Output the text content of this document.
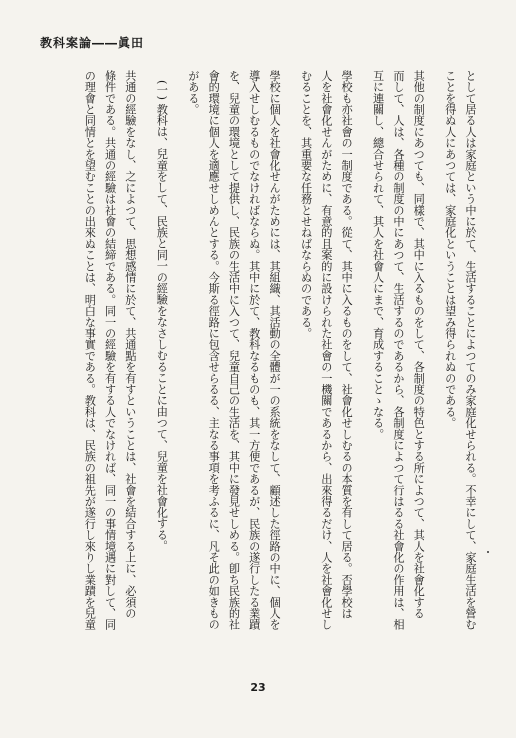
教科案論――眞田
として居る人は家庭という中に於て、生活することによつてのみ家庭化せられる。不幸にして、家庭生活を營む
ことを得ぬ人にあつては、家庭化ということは望み得られぬのである。
其他の制度にあつても、同樣で、其中に入るものをして、各制度の特色とする所によつて、其人を社會化する
而して、人は、各種の制度の中にあつて、生活するのであるから、各制度によつて行はるる社會化の作用は、相
互に連關し、總合せられて、其人を社會人にまで、育成することゝなる。
學校も亦社會の一制度である。從て、其中に入るものをして、社會化せしむるの本質を有して居る。否學校は
人を社會化せんがために、有意的且案的に設けられた社會の一機關であるから、出來得るだけ、人を社會化せし
むることを、其重要な任務とせねばならぬのである。
學校に個人を社會化せんがためには、其組織、其活動の全體が一の系統をなして、顧述した徑路の中に、個人を
導入せしむるものでなければならぬ。其中に於て、教科なるものも、其一方便であるが、民族の遂行したる業蹟
を、兒童の環境として提供し、民族の生活中に入つて、兒童自己の生活を、其中に發見せしめる。卽ち民族的社
會的環境に個人を適應せしめんとする。今斯る徑路に包含せらるる、主なる事項を考ふるに、凡そ此の如きもの
がある。
(一) 教科は、兒童をして、民族と同一の經驗をなさしむることに由つて、兒童を社會化する。
共通の經驗をなし、之によつて、思想感情に於て、共通點を有すということは、社會を結合する上に、必須の
條件である。共通の經驗は社會の結締である。同一の經驗を有する人でなければ、同一の事情境遇に對して、同
の理會と同情とを望むことの出來ぬことは、明白な事實である。教科は、民族の祖先が遂行し來りし業蹟を兒童
23
